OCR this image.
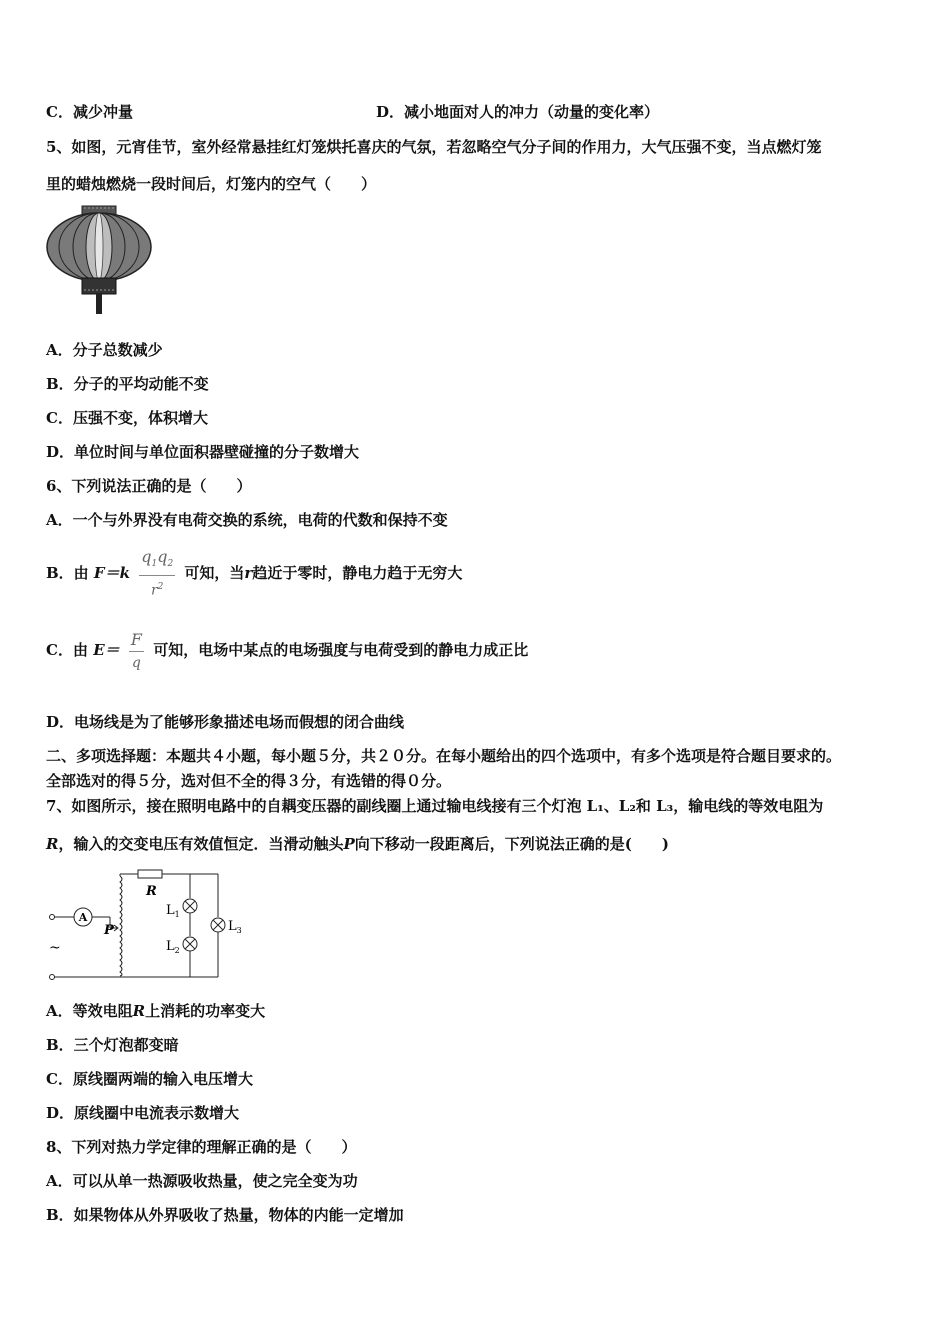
C．减少冲量	D．减小地面对人的冲力（动量的变化率）
5、如图，元宵佳节，室外经常悬挂红灯笼烘托喜庆的气氛，若忽略空气分子间的作用力，大气压强不变，当点燃灯笼
里的蜡烛燃烧一段时间后，灯笼内的空气（　　）
A．分子总数减少
B．分子的平均动能不变
C．压强不变，体积增大
D．单位时间与单位面积器壁碰撞的分子数增大
6、下列说法正确的是（　　）
A．一个与外界没有电荷交换的系统，电荷的代数和保持不变
B．由 $F=k \frac{q_1q_2}{r^2}$ 可知，当r趋近于零时，静电力趋于无穷大
C．由 $E= \frac{F}{q}$ 可知，电场中某点的电场强度与电荷受到的静电力成正比
D．电场线是为了能够形象描述电场而假想的闭合曲线
二、多项选择题：本题共４小题，每小题５分，共２０分。在每小题给出的四个选项中，有多个选项是符合题目要求的。
全部选对的得５分，选对但不全的得３分，有选错的得０分。
7、如图所示，接在照明电路中的自耦变压器的副线圈上通过输电线接有三个灯泡 L₁、L₂和 L₃，输电线的等效电阻为
R，输入的交变电压有效值恒定．当滑动触头P向下移动一段距离后，下列说法正确的是(　　)
A
R
P
~
$L_1$
$L_2$
$L_3$
A．等效电阻R上消耗的功率变大
B．三个灯泡都变暗
C．原线圈两端的输入电压增大
D．原线圈中电流表示数增大
8、下列对热力学定律的理解正确的是（　　）
A．可以从单一热源吸收热量，使之完全变为功
B．如果物体从外界吸收了热量，物体的内能一定增加
